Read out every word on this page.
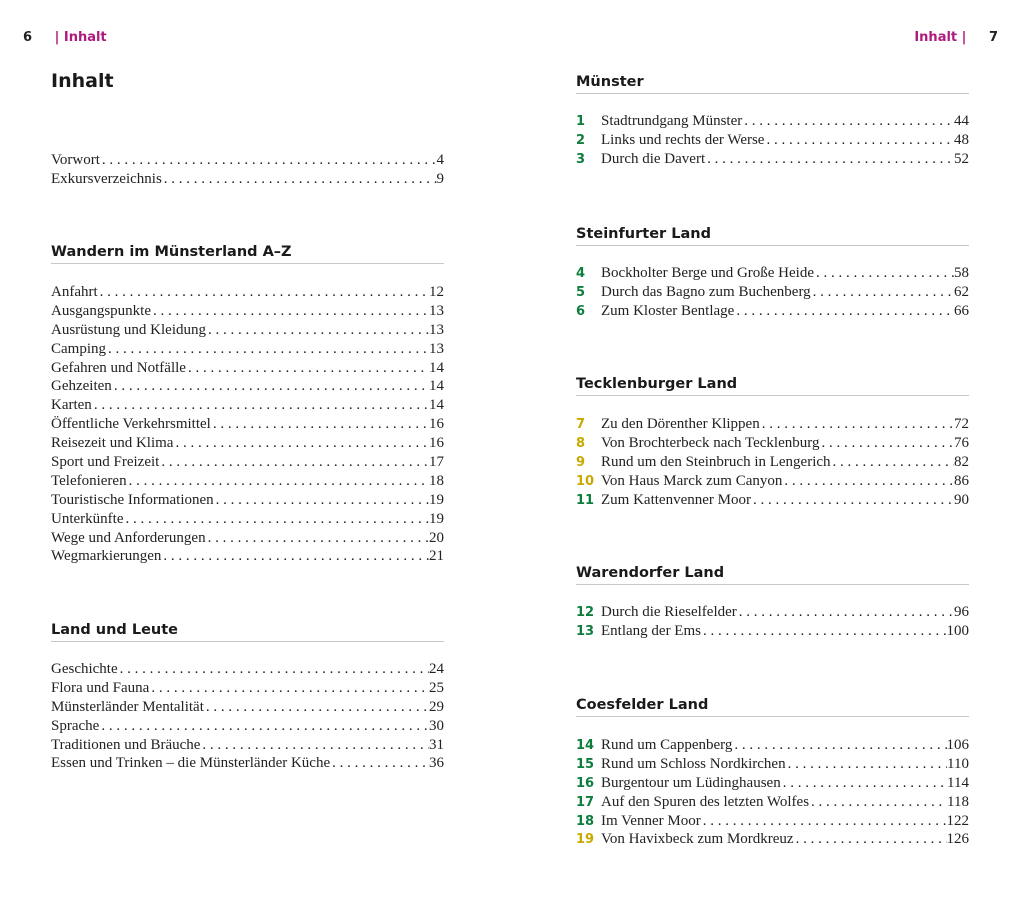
6 | Inhalt	Inhalt | 7
Inhalt
Vorwort . . .	4
Exkursverzeichnis . . .	9
Wandern im Münsterland A–Z
Anfahrt . . .	12
Ausgangspunkte . . .	13
Ausrüstung und Kleidung . . .	13
Camping . . .	13
Gefahren und Notfälle . . .	14
Gehzeiten . . .	14
Karten . . .	14
Öffentliche Verkehrsmittel . . .	16
Reisezeit und Klima . . .	16
Sport und Freizeit . . .	17
Telefonieren . . .	18
Touristische Informationen . . .	19
Unterkünfte . . .	19
Wege und Anforderungen . . .	20
Wegmarkierungen . . .	21
Land und Leute
Geschichte . . .	24
Flora und Fauna . . .	25
Münsterländer Mentalität . . .	29
Sprache . . .	30
Traditionen und Bräuche . . .	31
Essen und Trinken – die Münsterländer Küche . . .	36
Münster
1	Stadtrundgang Münster . . .	44
2	Links und rechts der Werse . . .	48
3	Durch die Davert . . .	52
Steinfurter Land
4	Bockholter Berge und Große Heide . . .	58
5	Durch das Bagno zum Buchenberg . . .	62
6	Zum Kloster Bentlage . . .	66
Tecklenburger Land
7	Zu den Dörenther Klippen . . .	72
8	Von Brochterbeck nach Tecklenburg . . .	76
9	Rund um den Steinbruch in Lengerich . . .	82
10 Von Haus Marck zum Canyon . . .	86
11 Zum Kattenvenner Moor . . .	90
Warendorfer Land
12 Durch die Rieselfelder . . .	96
13 Entlang der Ems . . .	100
Coesfelder Land
14 Rund um Cappenberg . . .	106
15 Rund um Schloss Nordkirchen . . .	110
16 Burgentour um Lüdinghausen . . .	114
17 Auf den Spuren des letzten Wolfes . . .	118
18 Im Venner Moor . . .	122
19 Von Havixbeck zum Mordkreuz . . .	126
